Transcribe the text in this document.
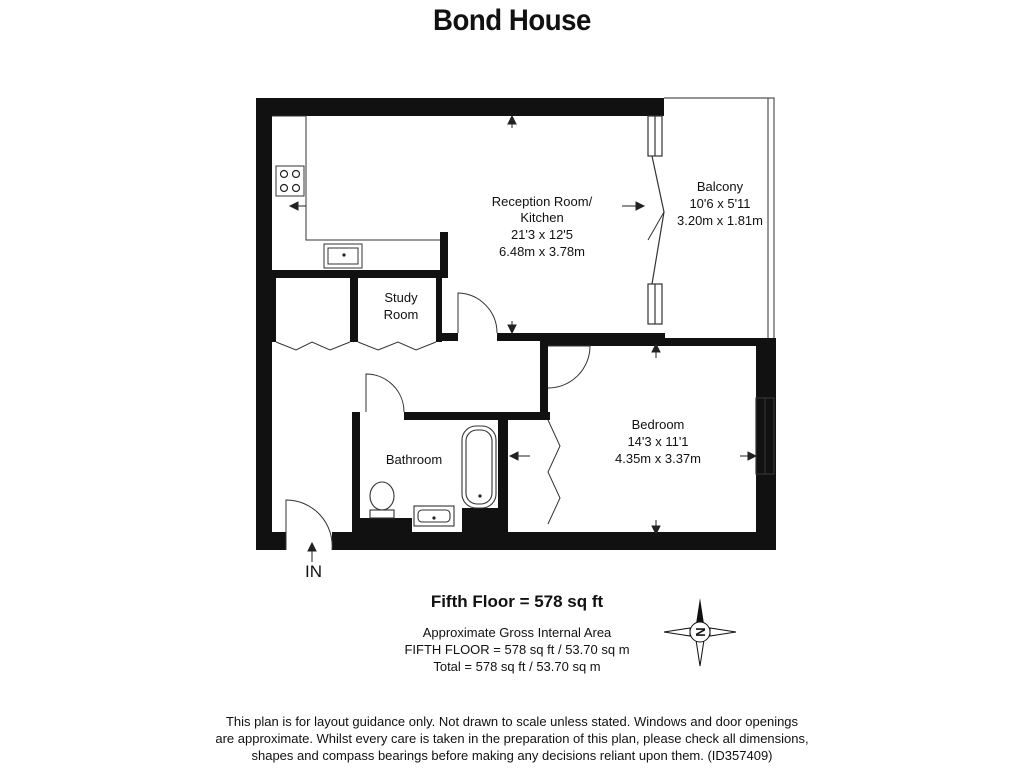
Bond House
Reception Room/
Kitchen
21'3 x 12'5
6.48m x 3.78m
Balcony
10'6 x 5'11
3.20m x 1.81m
Study
Room
Bedroom
14'3 x 11'1
4.35m x 3.37m
Bathroom
IN
Fifth Floor = 578 sq ft
Approximate Gross Internal Area
FIFTH FLOOR = 578 sq ft / 53.70 sq m
Total = 578 sq ft / 53.70 sq m
N
This plan is for layout guidance only. Not drawn to scale unless stated. Windows and door openings
are approximate. Whilst every care is taken in the preparation of this plan, please check all dimensions,
shapes and compass bearings before making any decisions reliant upon them. (ID357409)
